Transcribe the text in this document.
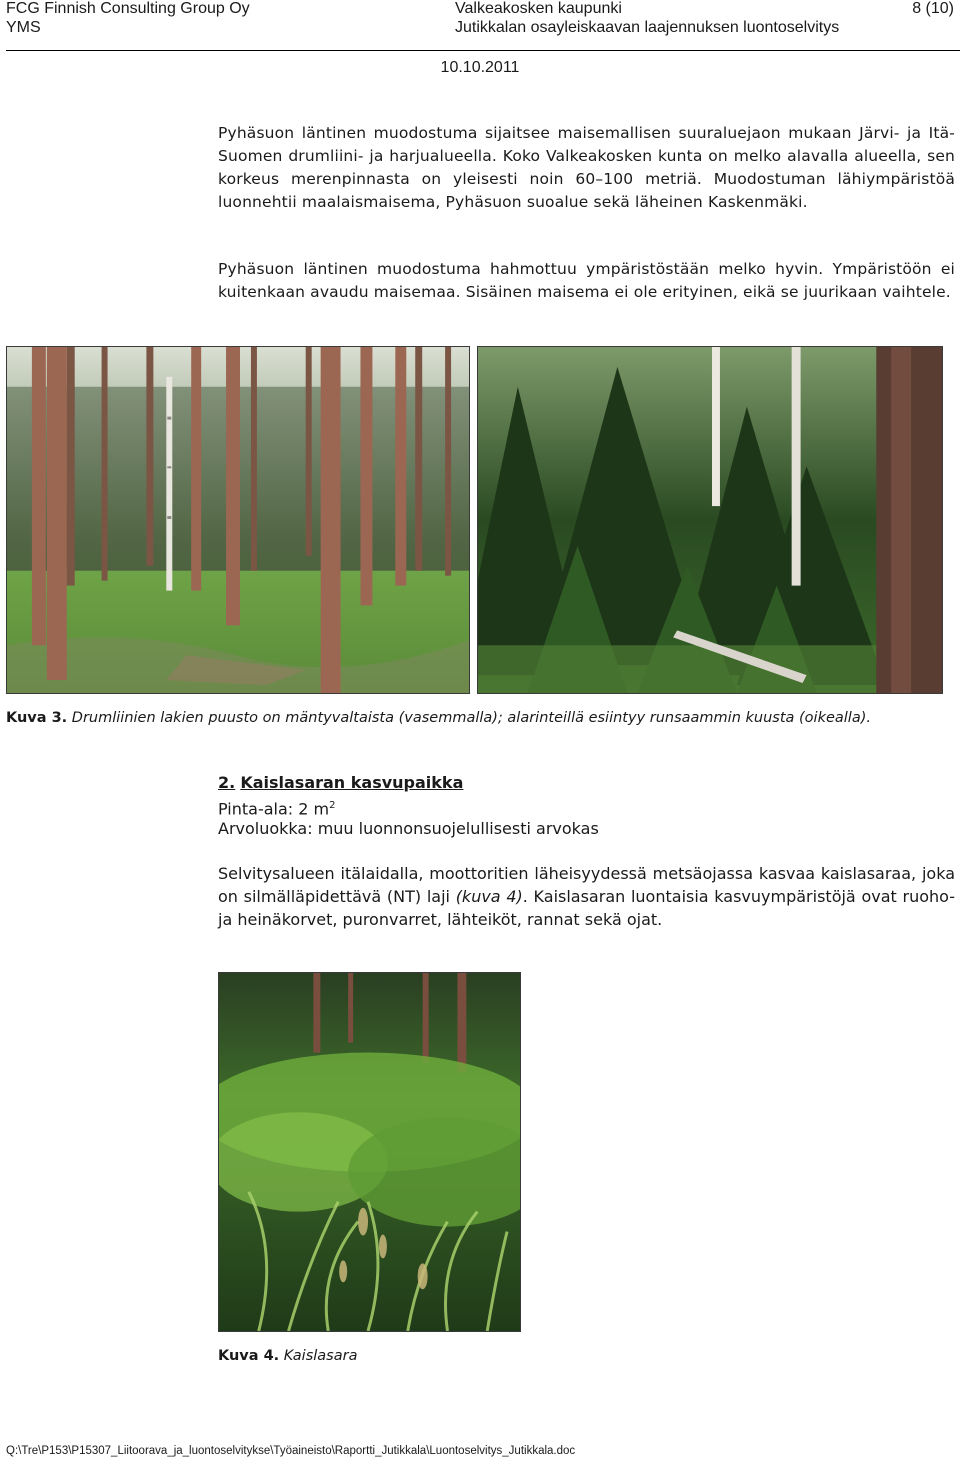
FCG Finnish Consulting Group Oy
YMS
Valkeakosken kaupunki	8 (10)
Jutikkalan osayleiskaavan laajennuksen luontoselvitys
10.10.2011
Pyhäsuon läntinen muodostuma sijaitsee maisemallisen suuraluejaon mukaan Järvi- ja Itä-Suomen drumliini- ja harjualueella. Koko Valkeakosken kunta on melko alavalla alueella, sen korkeus merenpinnasta on yleisesti noin 60–100 metriä. Muodostuman lähiympäristöä luonnehtii maalaismaisema, Pyhäsuon suoalue sekä läheinen Kaskenmäki.
Pyhäsuon läntinen muodostuma hahmottuu ympäristöstään melko hyvin. Ympäristöön ei kuitenkaan avaudu maisemaa. Sisäinen maisema ei ole erityinen, eikä se juurikaan vaihtele.
Kuva 3. Drumliinien lakien puusto on mäntyvaltaista (vasemmalla); alarinteillä esiintyy runsaammin kuusta (oikealla).
2. Kaislasaran kasvupaikka
Pinta-ala: 2 $m^2$
Arvoluokka: muu luonnonsuojelullisesti arvokas
Selvitysalueen itälaidalla, moottoritien läheisyydessä metsäojassa kasvaa kaislasaraa, joka on silmälläpidettävä (NT) laji (kuva 4). Kaislasaran luontaisia kasvuympäristöjä ovat ruoho- ja heinäkorvet, puronvarret, lähteiköt, rannat sekä ojat.
Kuva 4. Kaislasara
Q:\Tre\P153\P15307_Liitoorava_ja_luontoselvitykse\Työaineisto\Raportti_Jutikkala\Luontoselvitys_Jutikkala.doc
